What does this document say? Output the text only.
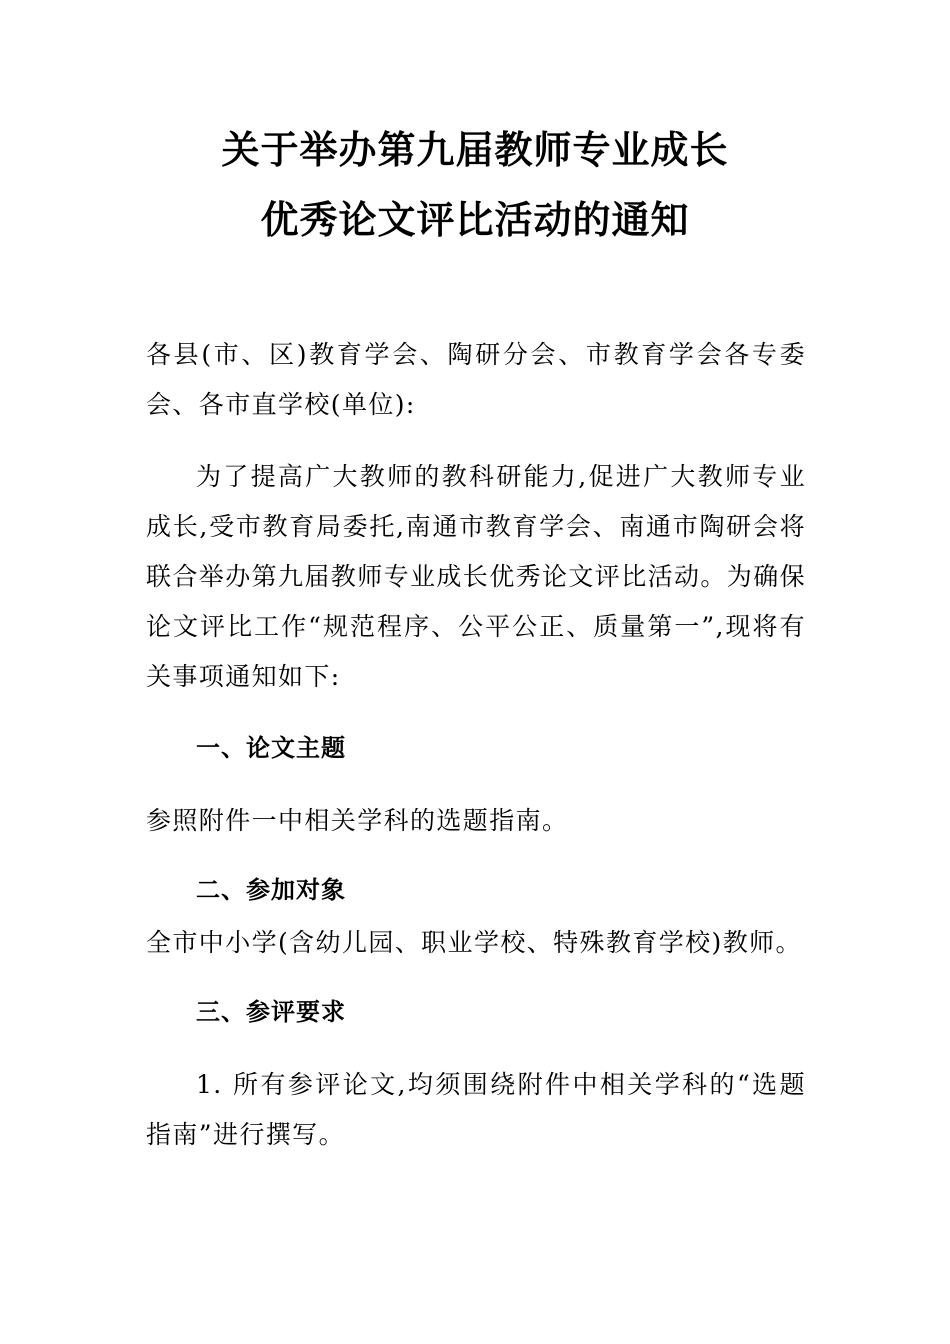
关于举办第九届教师专业成长
优秀论文评比活动的通知

各县(市、区)教育学会、陶研分会、市教育学会各专委会、各市直学校(单位):

为了提高广大教师的教科研能力,促进广大教师专业成长,受市教育局委托,南通市教育学会、南通市陶研会将联合举办第九届教师专业成长优秀论文评比活动。为确保论文评比工作“规范程序、公平公正、质量第一”,现将有关事项通知如下:

一、论文主题

参照附件一中相关学科的选题指南。

二、参加对象

全市中小学(含幼儿园、职业学校、特殊教育学校)教师。

三、参评要求

1. 所有参评论文,均须围绕附件中相关学科的“选题指南”进行撰写。
